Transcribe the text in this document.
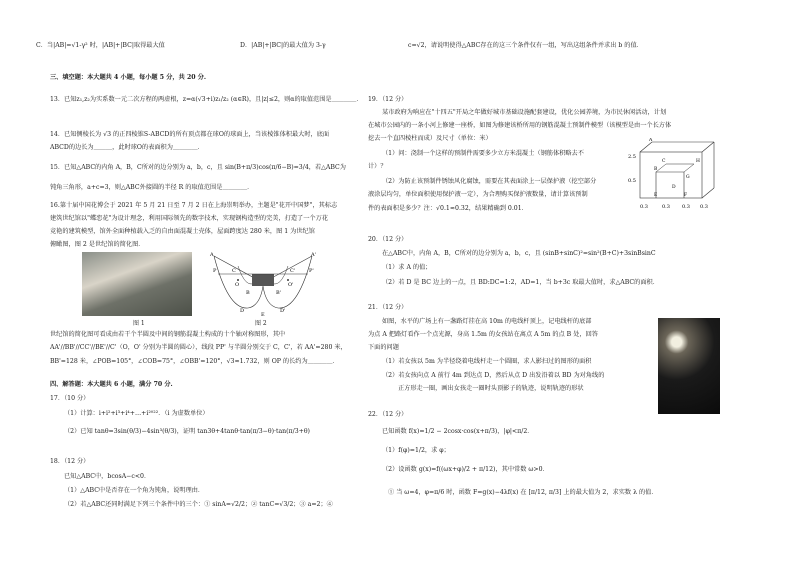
C．当|AB|=√1-γ² 时，|AB|+|BC|取得最大值	D．|AB|+|BC|的最大值为 3-γ
三、填空题：本大题共 4 小题，每小题 5 分，共 20 分.
13．已知z₁,z₂为实系数一元二次方程的两虚根，z=α(√3+i)z₁/z₂ (α∈R)，且|z|≤2，则α的取值范围是＿＿＿＿．
14．已知侧棱长为 √3 的正四棱锥S-ABCD的所有顶点都在球O的球面上，当该棱锥体积最大时，底面
ABCD的边长为＿＿＿，此时球O的表面积为＿＿＿＿．
15．已知△ABC的内角 A，B，C所对的边分别为 a，b，c，且 sin(B+π/3)cos(π/6−B)=3/4，若△ABC为
钝角三角形，a+c=3，则△ABC外接圆的半径 R 的取值范围是＿＿＿＿．
16.第十届中国花博会于 2021 年 5 月 21 日至 7 月 2 日在上海崇明举办，主题是"花开中国梦"，其标志
建筑世纪馆以"蝶恋花"为设计理念，利用国际领先的数字技术，实现钢构造型的完美，打造了一个万花
竞艳的建筑模型，馆外全面种植载入乏的自由面混凝土壳体，屋面跨度达 280 米，图 1 为世纪馆
俯瞰图，图 2 是世纪馆的简化图．
图 1
A	A'
P	P'
C	C'
B	B'
O	O'
D	D'
E
图 2
世纪馆的简化图可看成由若干个半圆及中间的钢筋混凝土构成的十个轴对称图形，其中
AA'//BB'//CC'//BE'//C'（O，O' 分别为半圆的圆心），线段 PP' 与半圆分别交于 C，C'，若 AA'=280 米，
BB'=128 米，∠POB=105°，∠COB=75°，∠OBB'=120°，√3≈1.732，则 OP 的长约为＿＿＿＿．
四、解答题：本大题共 6 小题，满分 70 分.
17．（10 分）
（1）计算：i+i²+i³+i⁴+…+i²⁰²²．（i 为虚数单位）
（2）已知 tanθ=3sin(θ/3)−4sin³(θ/3)，证明 tan3θ+4tanθ·tan(π/3−θ)·tan(π/3+θ)
18．（12 分）
已知△ABC中，bcosA−c<0．
（1）△ABC中是否存在一个角为钝角，说明理由．
（2）若△ABC还同时满足下列三个条件中的三个：① sinA=√2/2；② tanC=√3/2；③ a=2；④
c=√2，请说明使得△ABC存在的这三个条件仅有一组，写出这组条件并求出 b 的值．
19．（12 分）
某市政府为响应在"十四五"开局之年做好城市基础设施配套建设，优化公园养境，为市民休闲活动，计划
在城市公园内的一条小河上修建一座桥，如图为修建该桥所用的钢筋混凝土预制件模型（该模型是由一个长方体
挖去一个直四棱柱而成）及尺寸（单位：米）
（1）问：浇制一个这样的预制件需要多少立方米混凝土（钢筋体积略去不
计）？
（2）为防止该预制件锈蚀风化腐蚀，需要在其表面涂上一层保护液（挖空部分
液涂层均匀，单位面积使用保护液一定），为合理购买保护液数量，请计算该预制
件的表面积是多少？注：√0.1≈0.32，结果精确到 0.01．
2.5
0.3	0.3 0.3
0.5
0.3
A
B
C
D
E	F
G
H
20．（12 分）
在△ABC中，内角 A，B，C所对的边分别为 a，b，c，且 (sinB+sinC)²=sin²(B+C)+3sinBsinC
（1）求 A 的值；
（2）若 D 是 BC 边上的一点，且 BD:DC=1:2，AD=1，当 b+3c 取最大值时，求△ABC的面积．
21．（12 分）
如图，水平的广场上有一盏路灯挂在高 10m 的电线杆顶上，记电线杆的底部
为点 A 把路灯看作一个点光源，身高 1.5m 的女孩站在离点 A 5m 的点 B 处，回答
下面的问题
（1）若女孩以 5m 为半径绕着电线杆走一个圆圈，求人影扫过的图形的面积
（2）若女孩向点 A 前行 4m 到达点 D，然后从点 D 出发沿着以 BD 为对角线的
正方形走一圈，画出女孩走一圈时头顶影子的轨迹，说明轨迹的形状
22．（12 分）
已知函数 f(x)=1/2 − 2cosx·cos(x+π/3)，|φ|<π/2．
（1）f(φ)=1/2，求 φ；
（2）设函数 g(x)=f((ωx+φ)/2 + π/12)，其中常数 ω>0．
① 当 ω=4，φ=π/6 时，函数 F=g(x)−4λf(x) 在 [π/12, π/3] 上的最大值为 2，求实数 λ 的值．
